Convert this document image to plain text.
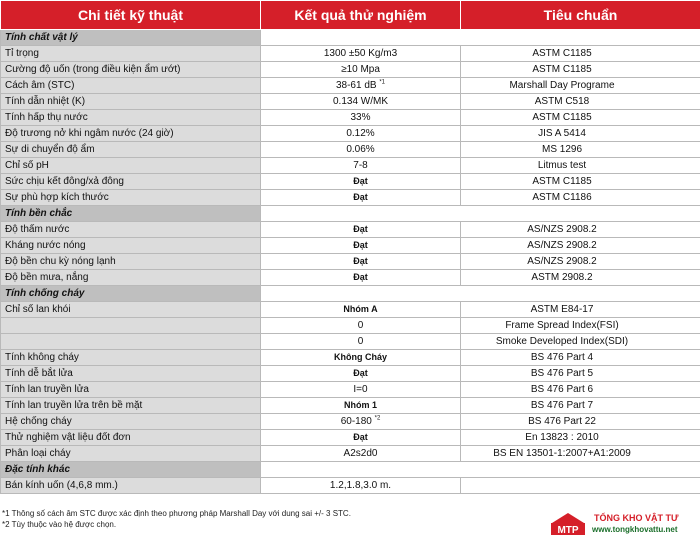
Chi tiết kỹ thuật	Kết quả thử nghiệm	Tiêu chuẩn
Tính chất vật lý		
Tỉ trọng	1300 ±50 Kg/m3	ASTM C1185
Cường độ uốn (trong điều kiện ẩm ướt)	≥10 Mpa	ASTM C1185
Cách âm (STC)	38-61 dB $^{*1}$	Marshall Day Programe
Tính dẫn nhiệt (K)	0.134 W/MK	ASTM C518
Tính hấp thụ nước	33%	ASTM C1185
Độ trương nở khi ngâm nước (24 giờ)	0.12%	JIS A 5414
Sự di chuyển độ ẩm	0.06%	MS 1296
Chỉ số pH	7-8	Litmus test
Sức chịu kết đông/xả đông	Đạt	ASTM C1185
Sự phù hợp kích thước	Đạt	ASTM C1186
Tính bền chắc		
Độ thấm nước	Đạt	AS/NZS 2908.2
Kháng nước nóng	Đạt	AS/NZS 2908.2
Độ bền chu kỳ nóng lạnh	Đạt	AS/NZS 2908.2
Độ bền mưa, nắng	Đạt	ASTM 2908.2
Tính chống cháy		
Chỉ số lan khói	Nhóm A	ASTM E84-17
	0	Frame Spread Index(FSI)
	0	Smoke Developed Index(SDI)
Tính không cháy	Không Cháy	BS 476 Part 4
Tính dễ bắt lửa	Đạt	BS 476 Part 5
Tính lan truyền lửa	I=0	BS 476 Part 6
Tính lan truyền lửa trên bề mặt	Nhóm 1	BS 476 Part 7
Hệ chống cháy	60-180 $^{*2}$	BS 476 Part 22
Thử nghiệm vật liệu đốt đơn	Đạt	En 13823 : 2010
Phân loại cháy	A2s2d0	BS EN 13501-1:2007+A1:2009
Đặc tính khác		
Bán kính uốn (4,6,8 mm.)	1.2,1.8,3.0 m.	
*1 Thông số cách âm STC được xác định theo phương pháp Marshall Day với dung sai +/- 3 STC.
*2 Tùy thuộc vào hệ được chọn.
MTP
TỔNG KHO VẬT TƯ
www.tongkhovattu.net
